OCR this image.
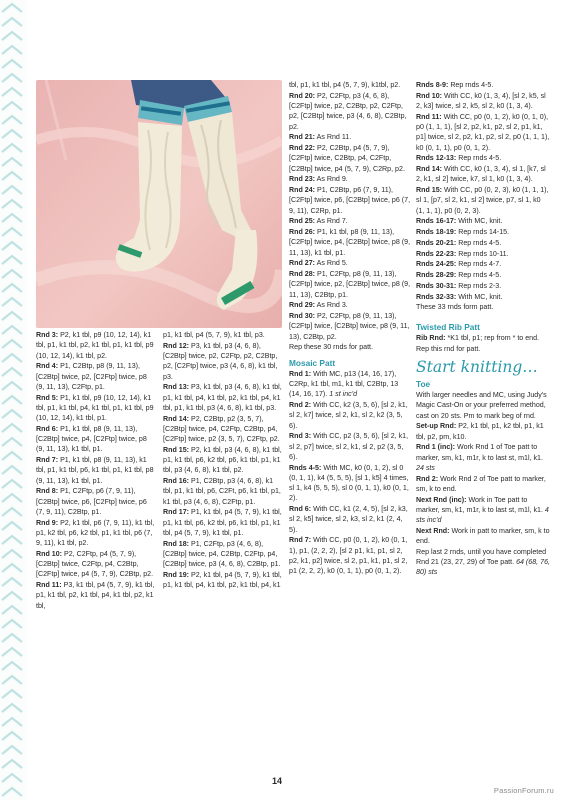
Rnd 3: P2, k1 tbl, p9 (10, 12, 14), k1 tbl, p1, k1 tbl, p2, k1 tbl, p1, k1 tbl, p9 (10, 12, 14), k1 tbl, p2.

Rnd 4: P1, C2Btp, p8 (9, 11, 13), [C2Btp] twice, p2, [C2Ftp] twice, p8 (9, 11, 13), C2Ftp, p1.

Rnd 5: P1, k1 tbl, p9 (10, 12, 14), k1 tbl, p1, k1 tbl, p4, k1 tbl, p1, k1 tbl, p9 (10, 12, 14), k1 tbl, p1.

Rnd 6: P1, k1 tbl, p8 (9, 11, 13), [C2Btp] twice, p4, [C2Ftp] twice, p8 (9, 11, 13), k1 tbl, p1.

Rnd 7: P1, k1 tbl, p8 (9, 11, 13), k1 tbl, p1, k1 tbl, p6, k1 tbl, p1, k1 tbl, p8 (9, 11, 13), k1 tbl, p1.

Rnd 8: P1, C2Ftp, p6 (7, 9, 11), [C2Btp] twice, p6, [C2Ftp] twice, p6 (7, 9, 11), C2Btp, p1.

Rnd 9: P2, k1 tbl, p6 (7, 9, 11), k1 tbl, p1, k2 tbl, p6, k2 tbl, p1, k1 tbl, p6 (7, 9, 11), k1 tbl, p2.

Rnd 10: P2, C2Ftp, p4 (5, 7, 9), [C2Btp] twice, C2Ftp, p4, C2Btp, [C2Ftp] twice, p4 (5, 7, 9), C2Btp, p2.

Rnd 11: P3, k1 tbl, p4 (5, 7, 9), k1 tbl, p1, k1 tbl, p2, k1 tbl, p4, k1 tbl, p2, k1 tbl,

p1, k1 tbl, p4 (5, 7, 9), k1 tbl, p3.

Rnd 12: P3, k1 tbl, p3 (4, 6, 8), [C2Btp] twice, p2, C2Ftp, p2, C2Btp, p2, [C2Ftp] twice, p3 (4, 6, 8), k1 tbl, p3.

Rnd 13: P3, k1 tbl, p3 (4, 6, 8), k1 tbl, p1, k1 tbl, p4, k1 tbl, p2, k1 tbl, p4, k1 tbl, p1, k1 tbl, p3 (4, 6, 8), k1 tbl, p3.

Rnd 14: P2, C2Btp, p2 (3, 5, 7), [C2Btp] twice, p4, C2Ftp, C2Btp, p4, [C2Ftp] twice, p2 (3, 5, 7), C2Ftp, p2.

Rnd 15: P2, k1 tbl, p3 (4, 6, 8), k1 tbl, p1, k1 tbl, p6, k2 tbl, p6, k1 tbl, p1, k1 tbl, p3 (4, 6, 8), k1 tbl, p2.

Rnd 16: P1, C2Btp, p3 (4, 6, 8), k1 tbl, p1, k1 tbl, p6, C2Ft, p6, k1 tbl, p1, k1 tbl, p3 (4, 6, 8), C2Ftp, p1.

Rnd 17: P1, k1 tbl, p4 (5, 7, 9), k1 tbl, p1, k1 tbl, p6, k2 tbl, p6, k1 tbl, p1, k1 tbl, p4 (5, 7, 9), k1 tbl, p1.

Rnd 18: P1, C2Ftp, p3 (4, 6, 8), [C2Btp] twice, p4, C2Btp, C2Ftp, p4, [C2Btp] twice, p3 (4, 6, 8), C2Btp, p1.

Rnd 19: P2, k1 tbl, p4 (5, 7, 9), k1 tbl, p1, k1 tbl, p4, k1 tbl, p2, k1 tbl, p4, k1

tbl, p1, k1 tbl, p4 (5, 7, 9), k1tbl, p2.

Rnd 20: P2, C2Ftp, p3 (4, 6, 8), [C2Ftp] twice, p2, C2Btp, p2, C2Ftp, p2, [C2Btp] twice, p3 (4, 6, 8), C2Btp, p2.

Rnd 21: As Rnd 11.

Rnd 22: P2, C2Btp, p4 (5, 7, 9), [C2Ftp] twice, C2Btp, p4, C2Ftp, [C2Btp] twice, p4 (5, 7, 9), C2Rp, p2.

Rnd 23: As Rnd 9.

Rnd 24: P1, C2Btp, p6 (7, 9, 11), [C2Ftp] twice, p6, [C2Btp] twice, p6 (7, 9, 11), C2Rp, p1.

Rnd 25: As Rnd 7.

Rnd 26: P1, k1 tbl, p8 (9, 11, 13), [C2Ftp] twice, p4, [C2Btp] twice, p8 (9, 11, 13), k1 tbl, p1.

Rnd 27: As Rnd 5.

Rnd 28: P1, C2Ftp, p8 (9, 11, 13), [C2Ftp] twice, p2, [C2Btp] twice, p8 (9, 11, 13), C2Btp, p1.

Rnd 29: As Rnd 3.

Rnd 30: P2, C2Ftp, p8 (9, 11, 13), [C2Ftp] twice, [C2Btp] twice, p8 (9, 11, 13), C2Btp, p2.

Rep these 30 rnds for patt.

Mosaic Patt

Rnd 1: With MC, p13 (14, 16, 17), C2Rp, k1 tbl, m1, k1 tbl, C2Btp, 13 (14, 16, 17). 1 st inc'd

Rnd 2: With CC, k2 (3, 5, 6), [sl 2, k1, sl 2, k7] twice, sl 2, k1, sl 2, k2 (3, 5, 6).

Rnd 3: With CC, p2 (3, 5, 6), [sl 2, k1, sl 2, p7] twice, sl 2, k1, sl 2, p2 (3, 5, 6).

Rnds 4-5: With MC, k0 (0, 1, 2), sl 0 (0, 1, 1), k4 (5, 5, 5), [sl 1, k5] 4 times, sl 1, k4 (5, 5, 5), sl 0 (0, 1, 1), k0 (0, 1, 2).

Rnd 6: With CC, k1 (2, 4, 5), [sl 2, k3, sl 2, k5] twice, sl 2, k3, sl 2, k1 (2, 4, 5).

Rnd 7: With CC, p0 (0, 1, 2), k0 (0, 1, 1), p1, (2, 2, 2), [sl 2 p1, k1, p1, sl 2, p2, k1, p2] twice, sl 2, p1, k1, p1, sl 2, p1 (2, 2, 2), k0 (0, 1, 1), p0 (0, 1, 2).

Rnds 8-9: Rep rnds 4-5.

Rnd 10: With CC, k0 (1, 3, 4), [sl 2, k5, sl 2, k3] twice, sl 2, k5, sl 2, k0 (1, 3, 4).

Rnd 11: With CC, p0 (0, 1, 2), k0 (0, 1, 0), p0 (1, 1, 1), [sl 2, p2, k1, p2, sl 2, p1, k1, p1] twice, sl 2, p2, k1, p2, sl 2, p0 (1, 1, 1), k0 (0, 1, 1), p0 (0, 1, 2).

Rnds 12-13: Rep rnds 4-5.

Rnd 14: With CC, k0 (1, 3, 4), sl 1, [k7, sl 2, k1, sl 2] twice, k7, sl 1, k0 (1, 3, 4).

Rnd 15: With CC, p0 (0, 2, 3), k0 (1, 1, 1), sl 1, [p7, sl 2, k1, sl 2] twice, p7, sl 1, k0 (1, 1, 1), p0 (0, 2, 3).

Rnds 16-17: With MC, knit.

Rnds 18-19: Rep rnds 14-15.

Rnds 20-21: Rep rnds 4-5.

Rnds 22-23: Rep rnds 10-11.

Rnds 24-25: Rep rnds 4-7.

Rnds 28-29: Rep rnds 4-5.

Rnds 30-31: Rep rnds 2-3.

Rnds 32-33: With MC, knit.

These 33 rnds form patt.

Twisted Rib Patt

Rib Rnd: *K1 tbl, p1; rep from * to end.

Rep this rnd for patt.

Start knitting…
Toe

With larger needles and MC, using Judy's Magic Cast-On or your preferred method, cast on 20 sts. Pm to mark beg of rnd.

Set-up Rnd: P2, k1 tbl, p1, k2 tbl, p1, k1 tbl, p2, pm, k10.

Rnd 1 (inc): Work Rnd 1 of Toe patt to marker, sm, k1, m1r, k to last st, m1l, k1. 24 sts

Rnd 2: Work Rnd 2 of Toe patt to marker, sm, k to end.

Next Rnd (inc): Work in Toe patt to marker, sm, k1, m1r, k to last st, m1l, k1. 4 sts inc'd

Next Rnd: Work in patt to marker, sm, k to end.

Rep last 2 rnds, until you have completed Rnd 21 (23, 27, 29) of Toe patt. 64 (68, 76, 80) sts

14
PassionForum.ru
